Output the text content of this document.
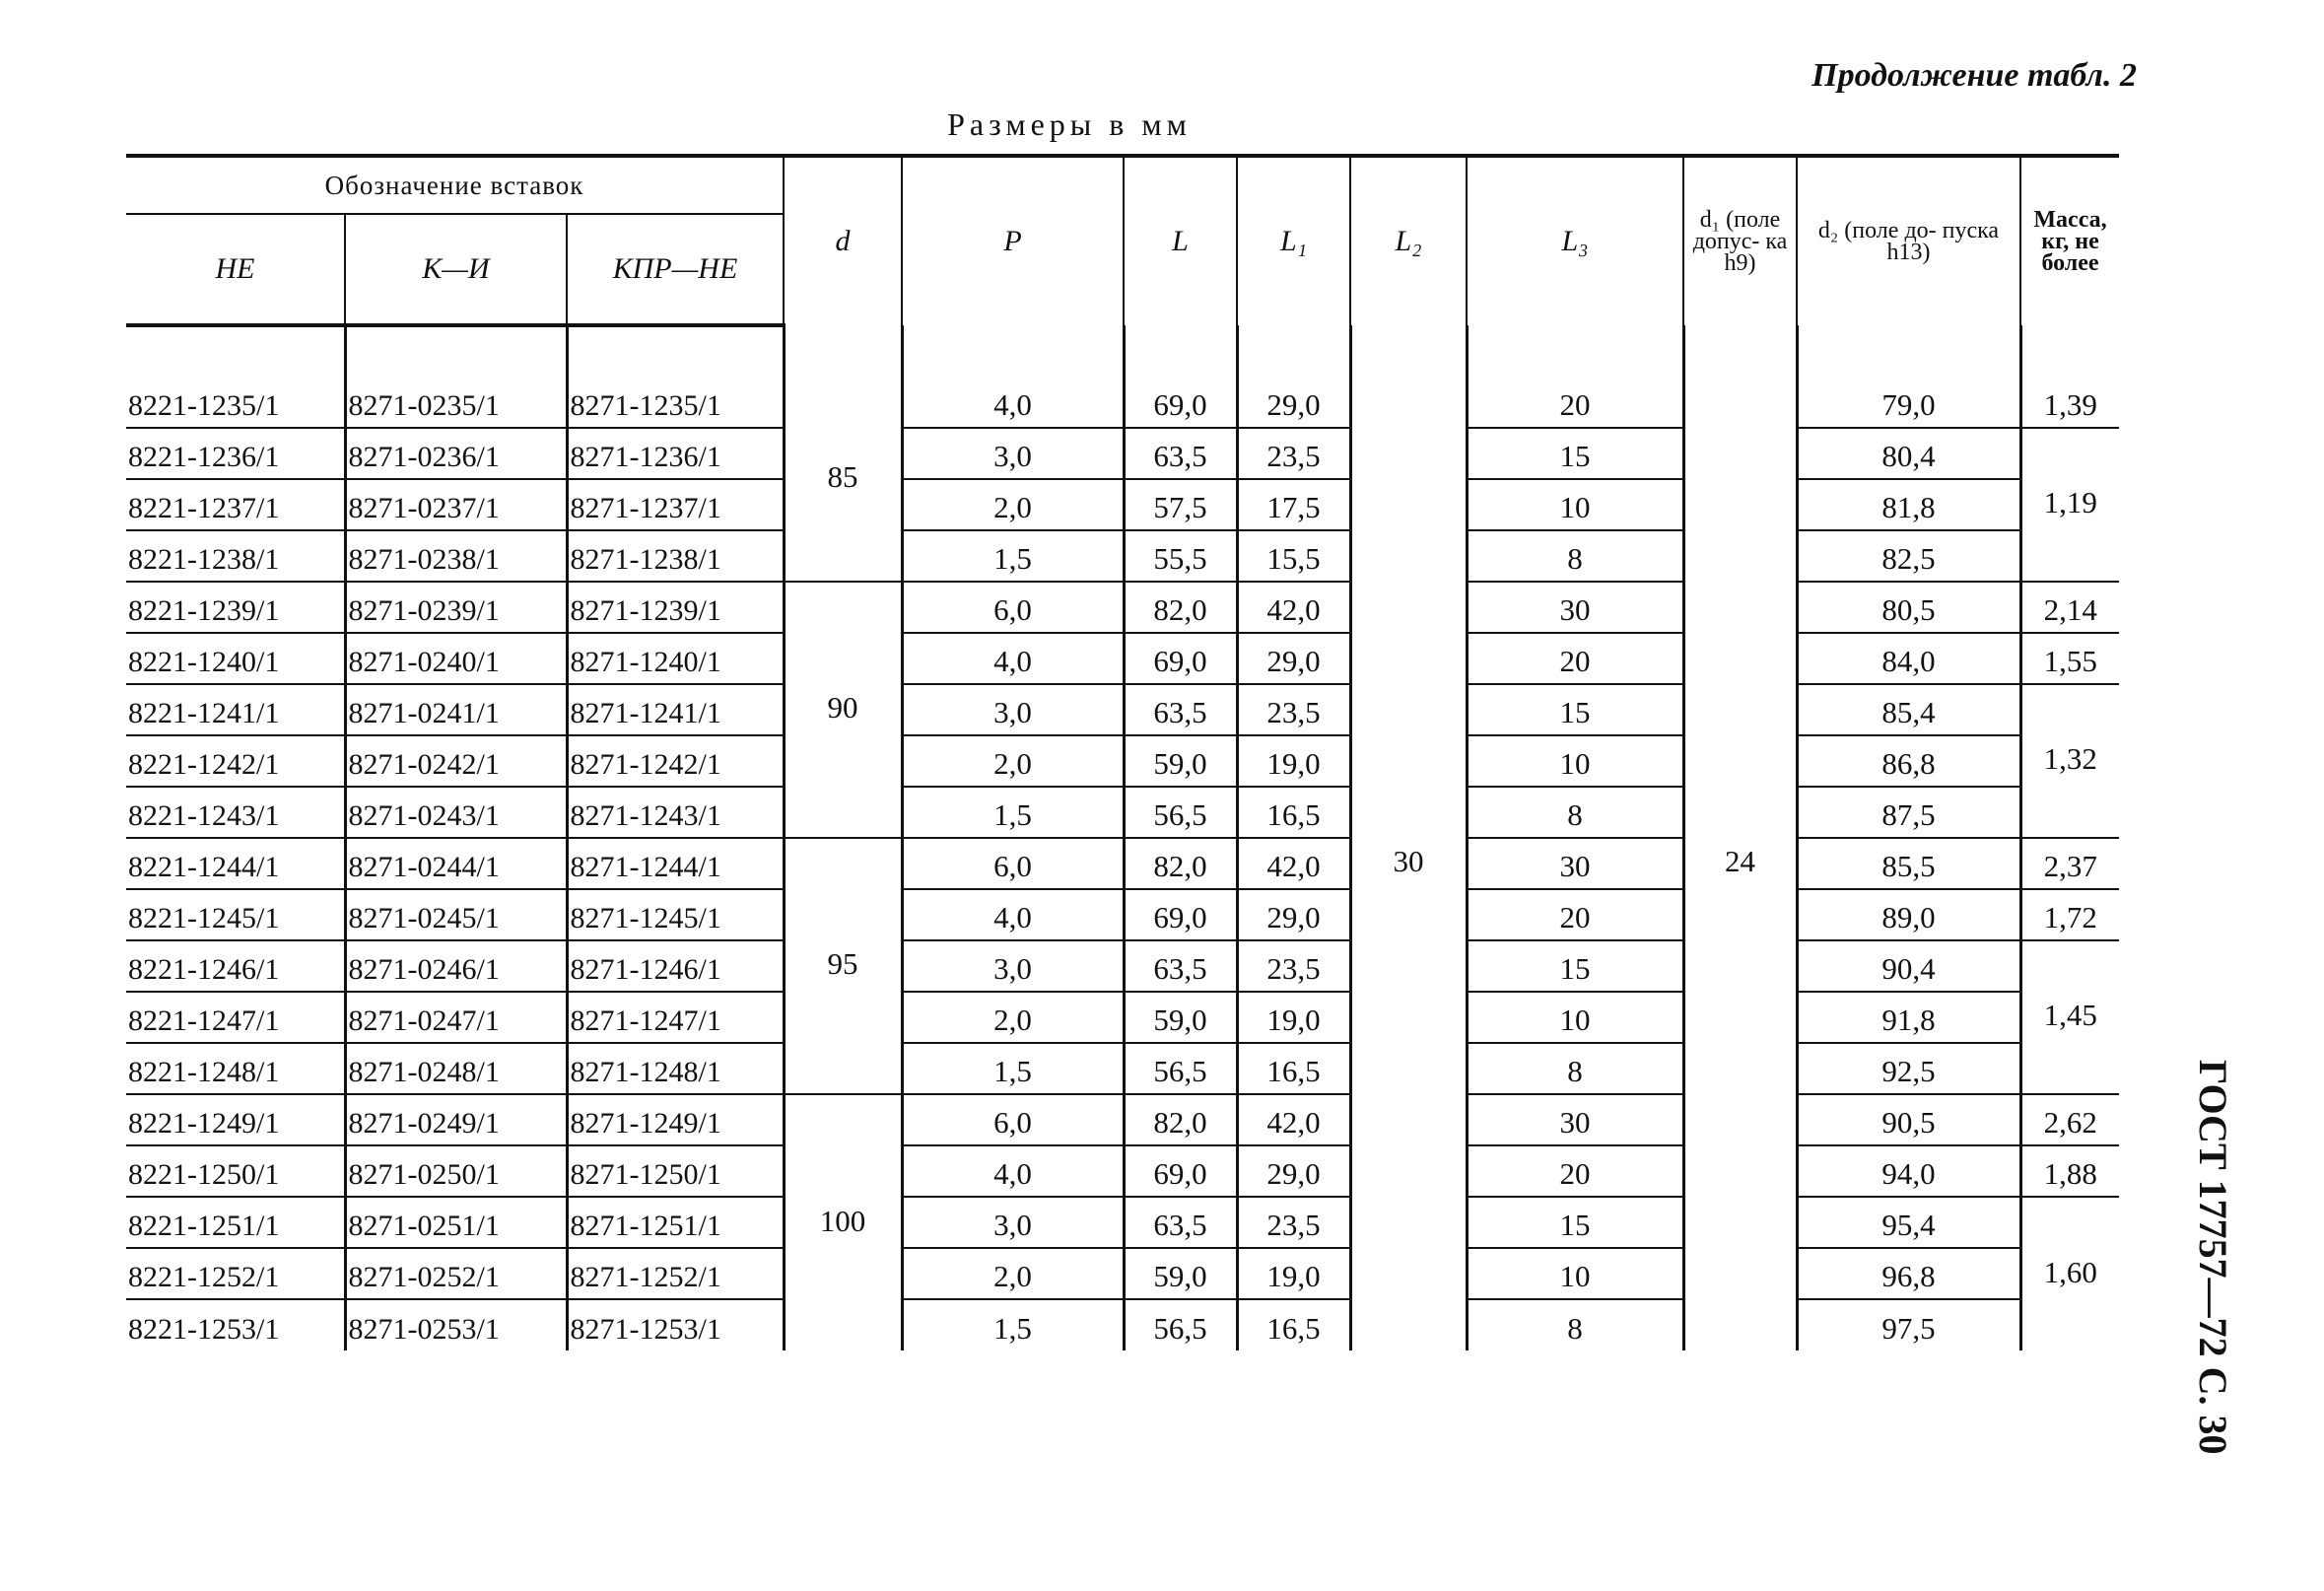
Продолжение табл. 2
Размеры в мм
Обозначение вставок			d	P	L	L₁	L₂	L₃	d₁ (поле допус- ка h9)	d₂ (поле до- пуска h13)	Масса, кг, не более
НЕ	К—И	КПР—НЕ									

8221-1235/1	8271-0235/1	8271-1235/1	85	4,0	69,0	29,0	30	20	24	79,0	1,39
8221-1236/1	8271-0236/1	8271-1236/1		3,0	63,5	23,5		15		80,4	1,19
8221-1237/1	8271-0237/1	8271-1237/1		2,0	57,5	17,5		10		81,8	
8221-1238/1	8271-0238/1	8271-1238/1		1,5	55,5	15,5		8		82,5	
8221-1239/1	8271-0239/1	8271-1239/1	90	6,0	82,0	42,0		30		80,5	2,14
8221-1240/1	8271-0240/1	8271-1240/1		4,0	69,0	29,0		20		84,0	1,55
8221-1241/1	8271-0241/1	8271-1241/1		3,0	63,5	23,5		15		85,4	1,32
8221-1242/1	8271-0242/1	8271-1242/1		2,0	59,0	19,0		10		86,8	
8221-1243/1	8271-0243/1	8271-1243/1		1,5	56,5	16,5		8		87,5	
8221-1244/1	8271-0244/1	8271-1244/1	95	6,0	82,0	42,0		30		85,5	2,37
8221-1245/1	8271-0245/1	8271-1245/1		4,0	69,0	29,0		20		89,0	1,72
8221-1246/1	8271-0246/1	8271-1246/1		3,0	63,5	23,5		15		90,4	1,45
8221-1247/1	8271-0247/1	8271-1247/1		2,0	59,0	19,0		10		91,8	
8221-1248/1	8271-0248/1	8271-1248/1		1,5	56,5	16,5		8		92,5	
8221-1249/1	8271-0249/1	8271-1249/1	100	6,0	82,0	42,0		30		90,5	2,62
8221-1250/1	8271-0250/1	8271-1250/1		4,0	69,0	29,0		20		94,0	1,88
8221-1251/1	8271-0251/1	8271-1251/1		3,0	63,5	23,5		15		95,4	1,60
8221-1252/1	8271-0252/1	8271-1252/1		2,0	59,0	19,0		10		96,8	
8221-1253/1	8271-0253/1	8271-1253/1		1,5	56,5	16,5		8		97,5		ГОСТ 17757—72 С. 30
